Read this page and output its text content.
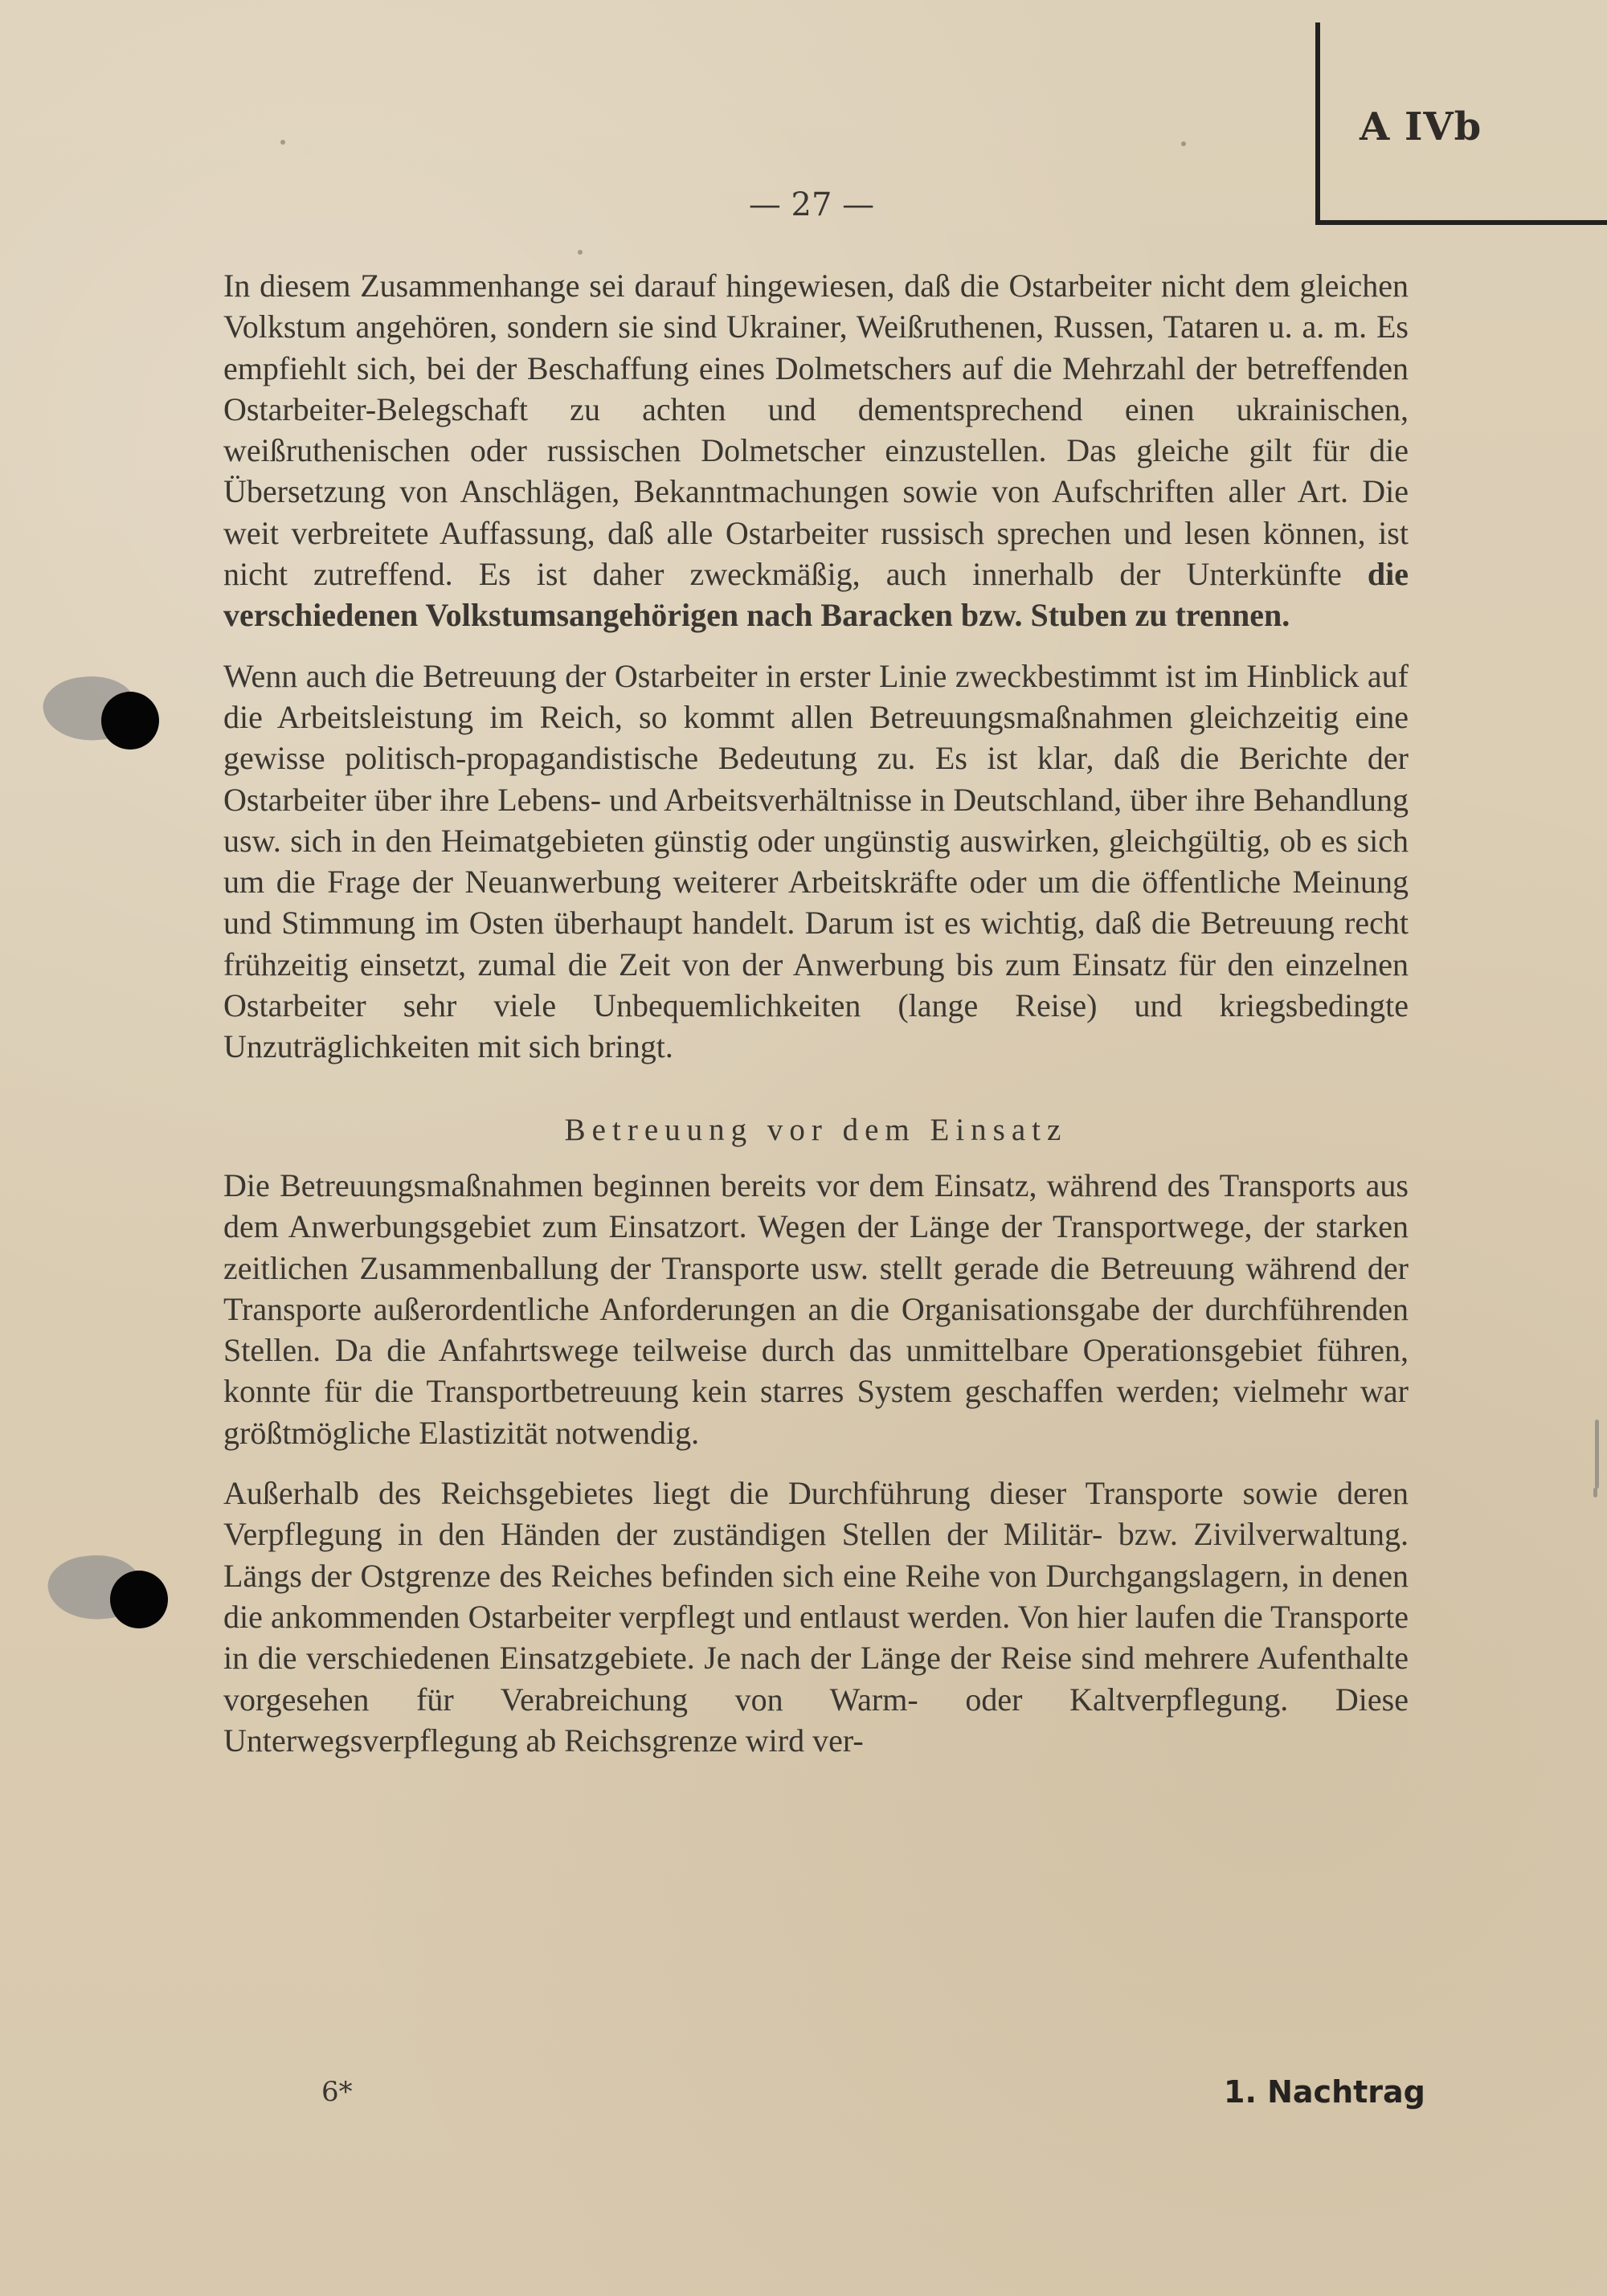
A IVb
— 27 —

In diesem Zusammenhange sei darauf hingewiesen, daß die Ostarbeiter nicht dem gleichen Volkstum angehören, sondern sie sind Ukrainer, Weißruthenen, Russen, Tataren u. a. m. Es empfiehlt sich, bei der Beschaffung eines Dolmetschers auf die Mehrzahl der betreffenden Ostarbeiter-Belegschaft zu achten und dementsprechend einen ukrainischen, weißruthenischen oder russischen Dolmetscher einzustellen. Das gleiche gilt für die Übersetzung von Anschlägen, Bekanntmachungen sowie von Aufschriften aller Art. Die weit verbreitete Auffassung, daß alle Ostarbeiter russisch sprechen und lesen können, ist nicht zutreffend. Es ist daher zweckmäßig, auch innerhalb der Unterkünfte die verschiedenen Volkstumsangehörigen nach Baracken bzw. Stuben zu trennen.

Wenn auch die Betreuung der Ostarbeiter in erster Linie zweckbestimmt ist im Hinblick auf die Arbeitsleistung im Reich, so kommt allen Betreuungsmaßnahmen gleichzeitig eine gewisse politisch-propagandistische Bedeutung zu. Es ist klar, daß die Berichte der Ostarbeiter über ihre Lebens- und Arbeitsverhältnisse in Deutschland, über ihre Behandlung usw. sich in den Heimatgebieten günstig oder ungünstig auswirken, gleichgültig, ob es sich um die Frage der Neuanwerbung weiterer Arbeitskräfte oder um die öffentliche Meinung und Stimmung im Osten überhaupt handelt. Darum ist es wichtig, daß die Betreuung recht frühzeitig einsetzt, zumal die Zeit von der Anwerbung bis zum Einsatz für den einzelnen Ostarbeiter sehr viele Unbequemlichkeiten (lange Reise) und kriegsbedingte Unzuträglichkeiten mit sich bringt.

Betreuung vor dem Einsatz

Die Betreuungsmaßnahmen beginnen bereits vor dem Einsatz, während des Transports aus dem Anwerbungsgebiet zum Einsatzort. Wegen der Länge der Transportwege, der starken zeitlichen Zusammenballung der Transporte usw. stellt gerade die Betreuung während der Transporte außerordentliche Anforderungen an die Organisationsgabe der durchführenden Stellen. Da die Anfahrtswege teilweise durch das unmittelbare Operationsgebiet führen, konnte für die Transportbetreuung kein starres System geschaffen werden; vielmehr war größtmögliche Elastizität notwendig.

Außerhalb des Reichsgebietes liegt die Durchführung dieser Transporte sowie deren Verpflegung in den Händen der zuständigen Stellen der Militär- bzw. Zivilverwaltung. Längs der Ostgrenze des Reiches befinden sich eine Reihe von Durchgangslagern, in denen die ankommenden Ostarbeiter verpflegt und entlaust werden. Von hier laufen die Transporte in die verschiedenen Einsatzgebiete. Je nach der Länge der Reise sind mehrere Aufenthalte vorgesehen für Verabreichung von Warm- oder Kaltverpflegung. Diese Unterwegsverpflegung ab Reichsgrenze wird ver-

6*	1. Nachtrag
